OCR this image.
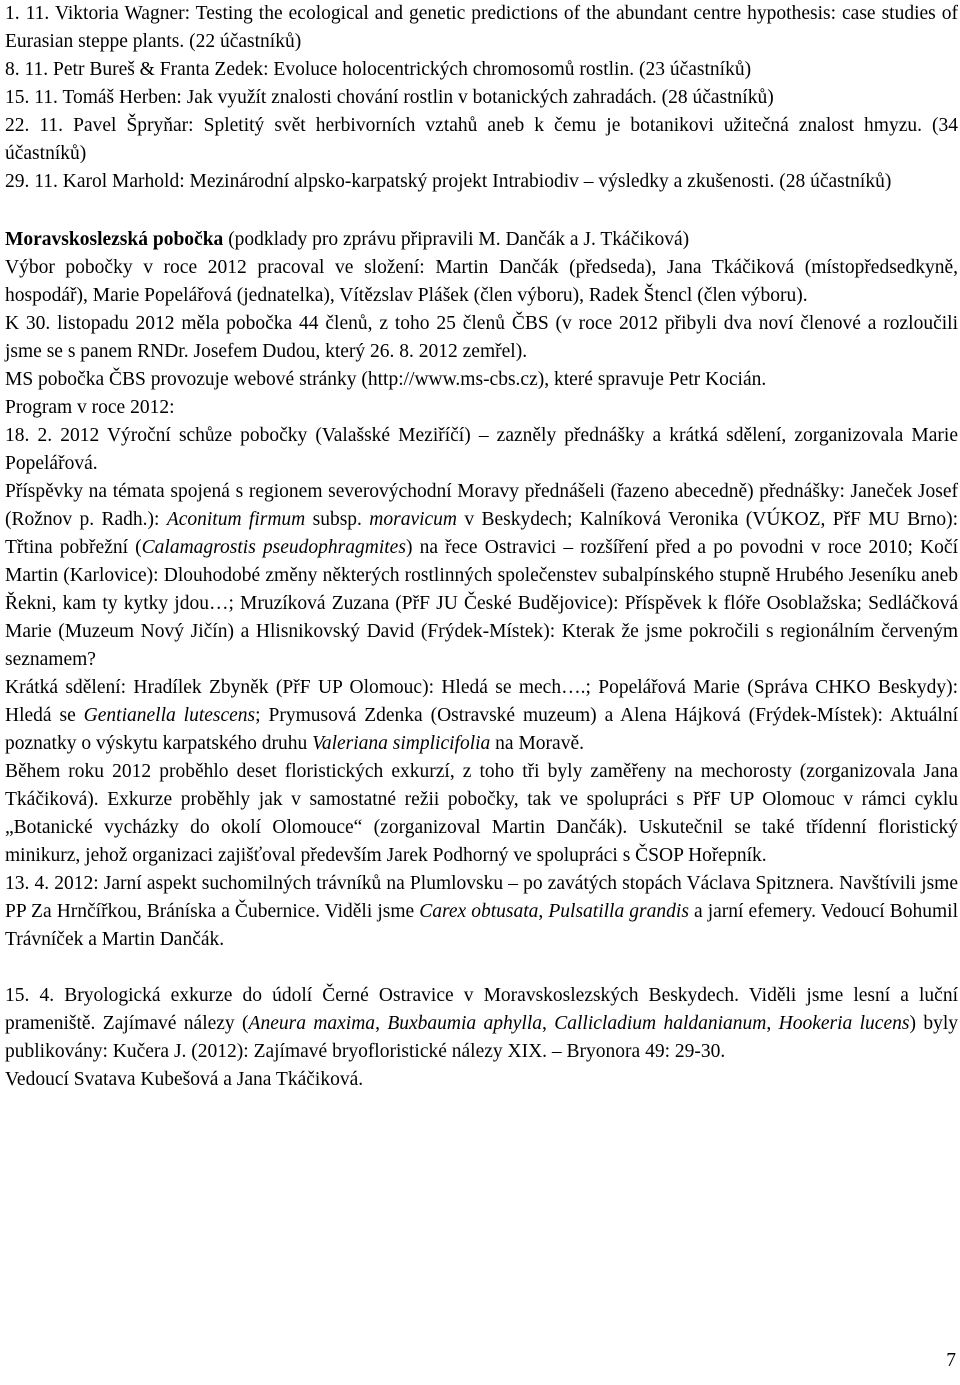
1. 11. Viktoria Wagner: Testing the ecological and genetic predictions of the abundant centre hypothesis: case studies of Eurasian steppe plants. (22 účastníků)

8. 11. Petr Bureš & Franta Zedek: Evoluce holocentrických chromosomů rostlin. (23 účastníků)

15. 11. Tomáš Herben: Jak využít znalosti chování rostlin v botanických zahradách. (28 účastníků)

22. 11. Pavel Špryňar: Spletitý svět herbivorních vztahů aneb k čemu je botanikovi užitečná znalost hmyzu. (34 účastníků)

29. 11. Karol Marhold: Mezinárodní alpsko-karpatský projekt Intrabiodiv – výsledky a zkušenosti. (28 účastníků)

Moravskoslezská pobočka (podklady pro zprávu připravili M. Dančák a J. Tkáčiková)

Výbor pobočky v roce 2012 pracoval ve složení: Martin Dančák (předseda), Jana Tkáčiková (místopředsedkyně, hospodář), Marie Popelářová (jednatelka), Vítězslav Plášek (člen výboru), Radek Štencl (člen výboru).

K 30. listopadu 2012 měla pobočka 44 členů, z toho 25 členů ČBS (v roce 2012 přibyli dva noví členové a rozloučili jsme se s panem RNDr. Josefem Dudou, který 26. 8. 2012 zemřel).

MS pobočka ČBS provozuje webové stránky (http://www.ms-cbs.cz), které spravuje Petr Kocián.

Program v roce 2012:

18. 2. 2012 Výroční schůze pobočky (Valašské Meziříčí) – zazněly přednášky a krátká sdělení, zorganizovala Marie Popelářová.

Příspěvky na témata spojená s regionem severovýchodní Moravy přednášeli (řazeno abecedně) přednášky: Janeček Josef (Rožnov p. Radh.): Aconitum firmum subsp. moravicum v Beskydech; Kalníková Veronika (VÚKOZ, PřF MU Brno): Třtina pobřežní (Calamagrostis pseudophragmites) na řece Ostravici – rozšíření před a po povodni v roce 2010; Kočí Martin (Karlovice): Dlouhodobé změny některých rostlinných společenstev subalpínského stupně Hrubého Jeseníku aneb Řekni, kam ty kytky jdou…; Mruzíková Zuzana (PřF JU České Budějovice): Příspěvek k flóře Osoblažska; Sedláčková Marie (Muzeum Nový Jičín) a Hlisnikovský David (Frýdek-Místek): Kterak že jsme pokročili s regionálním červeným seznamem?

Krátká sdělení: Hradílek Zbyněk (PřF UP Olomouc): Hledá se mech….; Popelářová Marie (Správa CHKO Beskydy): Hledá se Gentianella lutescens; Prymusová Zdenka (Ostravské muzeum) a Alena Hájková (Frýdek-Místek): Aktuální poznatky o výskytu karpatského druhu Valeriana simplicifolia na Moravě.

Během roku 2012 proběhlo deset floristických exkurzí, z toho tři byly zaměřeny na mechorosty (zorganizovala Jana Tkáčiková). Exkurze proběhly jak v samostatné režii pobočky, tak ve spolupráci s PřF UP Olomouc v rámci cyklu „Botanické vycházky do okolí Olomouce“ (zorganizoval Martin Dančák). Uskutečnil se také třídenní floristický minikurz, jehož organizaci zajišťoval především Jarek Podhorný ve spolupráci s ČSOP Hořepník.

13. 4. 2012: Jarní aspekt suchomilných trávníků na Plumlovsku – po zavátých stopách Václava Spitznera. Navštívili jsme PP Za Hrnčířkou, Bráníska a Čubernice. Viděli jsme Carex obtusata, Pulsatilla grandis a jarní efemery. Vedoucí Bohumil Trávníček a Martin Dančák.

15. 4. Bryologická exkurze do údolí Černé Ostravice v Moravskoslezských Beskydech. Viděli jsme lesní a luční prameniště. Zajímavé nálezy (Aneura maxima, Buxbaumia aphylla, Callicladium haldanianum, Hookeria lucens) byly publikovány: Kučera J. (2012): Zajímavé bryofloristické nálezy XIX. – Bryonora 49: 29-30.

Vedoucí Svatava Kubešová a Jana Tkáčiková.

7
